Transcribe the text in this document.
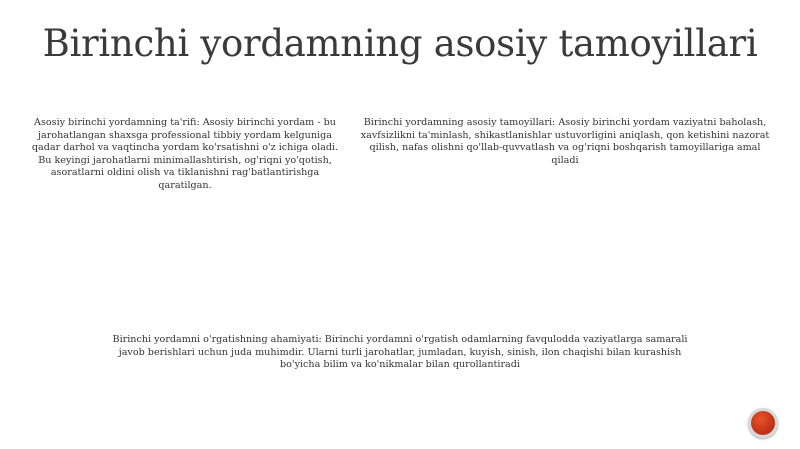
Birinchi yordamning asosiy tamoyillari
Asosiy birinchi yordamning ta'rifi: Asosiy birinchi yordam - bu jarohatlangan shaxsga professional tibbiy yordam kelguniga qadar darhol va vaqtincha yordam ko'rsatishni o'z ichiga oladi. Bu keyingi jarohatlarni minimallashtirish, og'riqni yo'qotish, asoratlarni oldini olish va tiklanishni rag'batlantirishga qaratilgan.
Birinchi yordamning asosiy tamoyillari: Asosiy birinchi yordam vaziyatni baholash, xavfsizlikni ta'minlash, shikastlanishlar ustuvorligini aniqlash, qon ketishini nazorat qilish, nafas olishni qo'llab-quvvatlash va og'riqni boshqarish tamoyillariga amal qiladi
Birinchi yordamni o'rgatishning ahamiyati: Birinchi yordamni o'rgatish odamlarning favqulodda vaziyatlarga samarali javob berishlari uchun juda muhimdir. Ularni turli jarohatlar, jumladan, kuyish, sinish, ilon chaqishi bilan kurashish bo'yicha bilim va ko'nikmalar bilan qurollantiradi
